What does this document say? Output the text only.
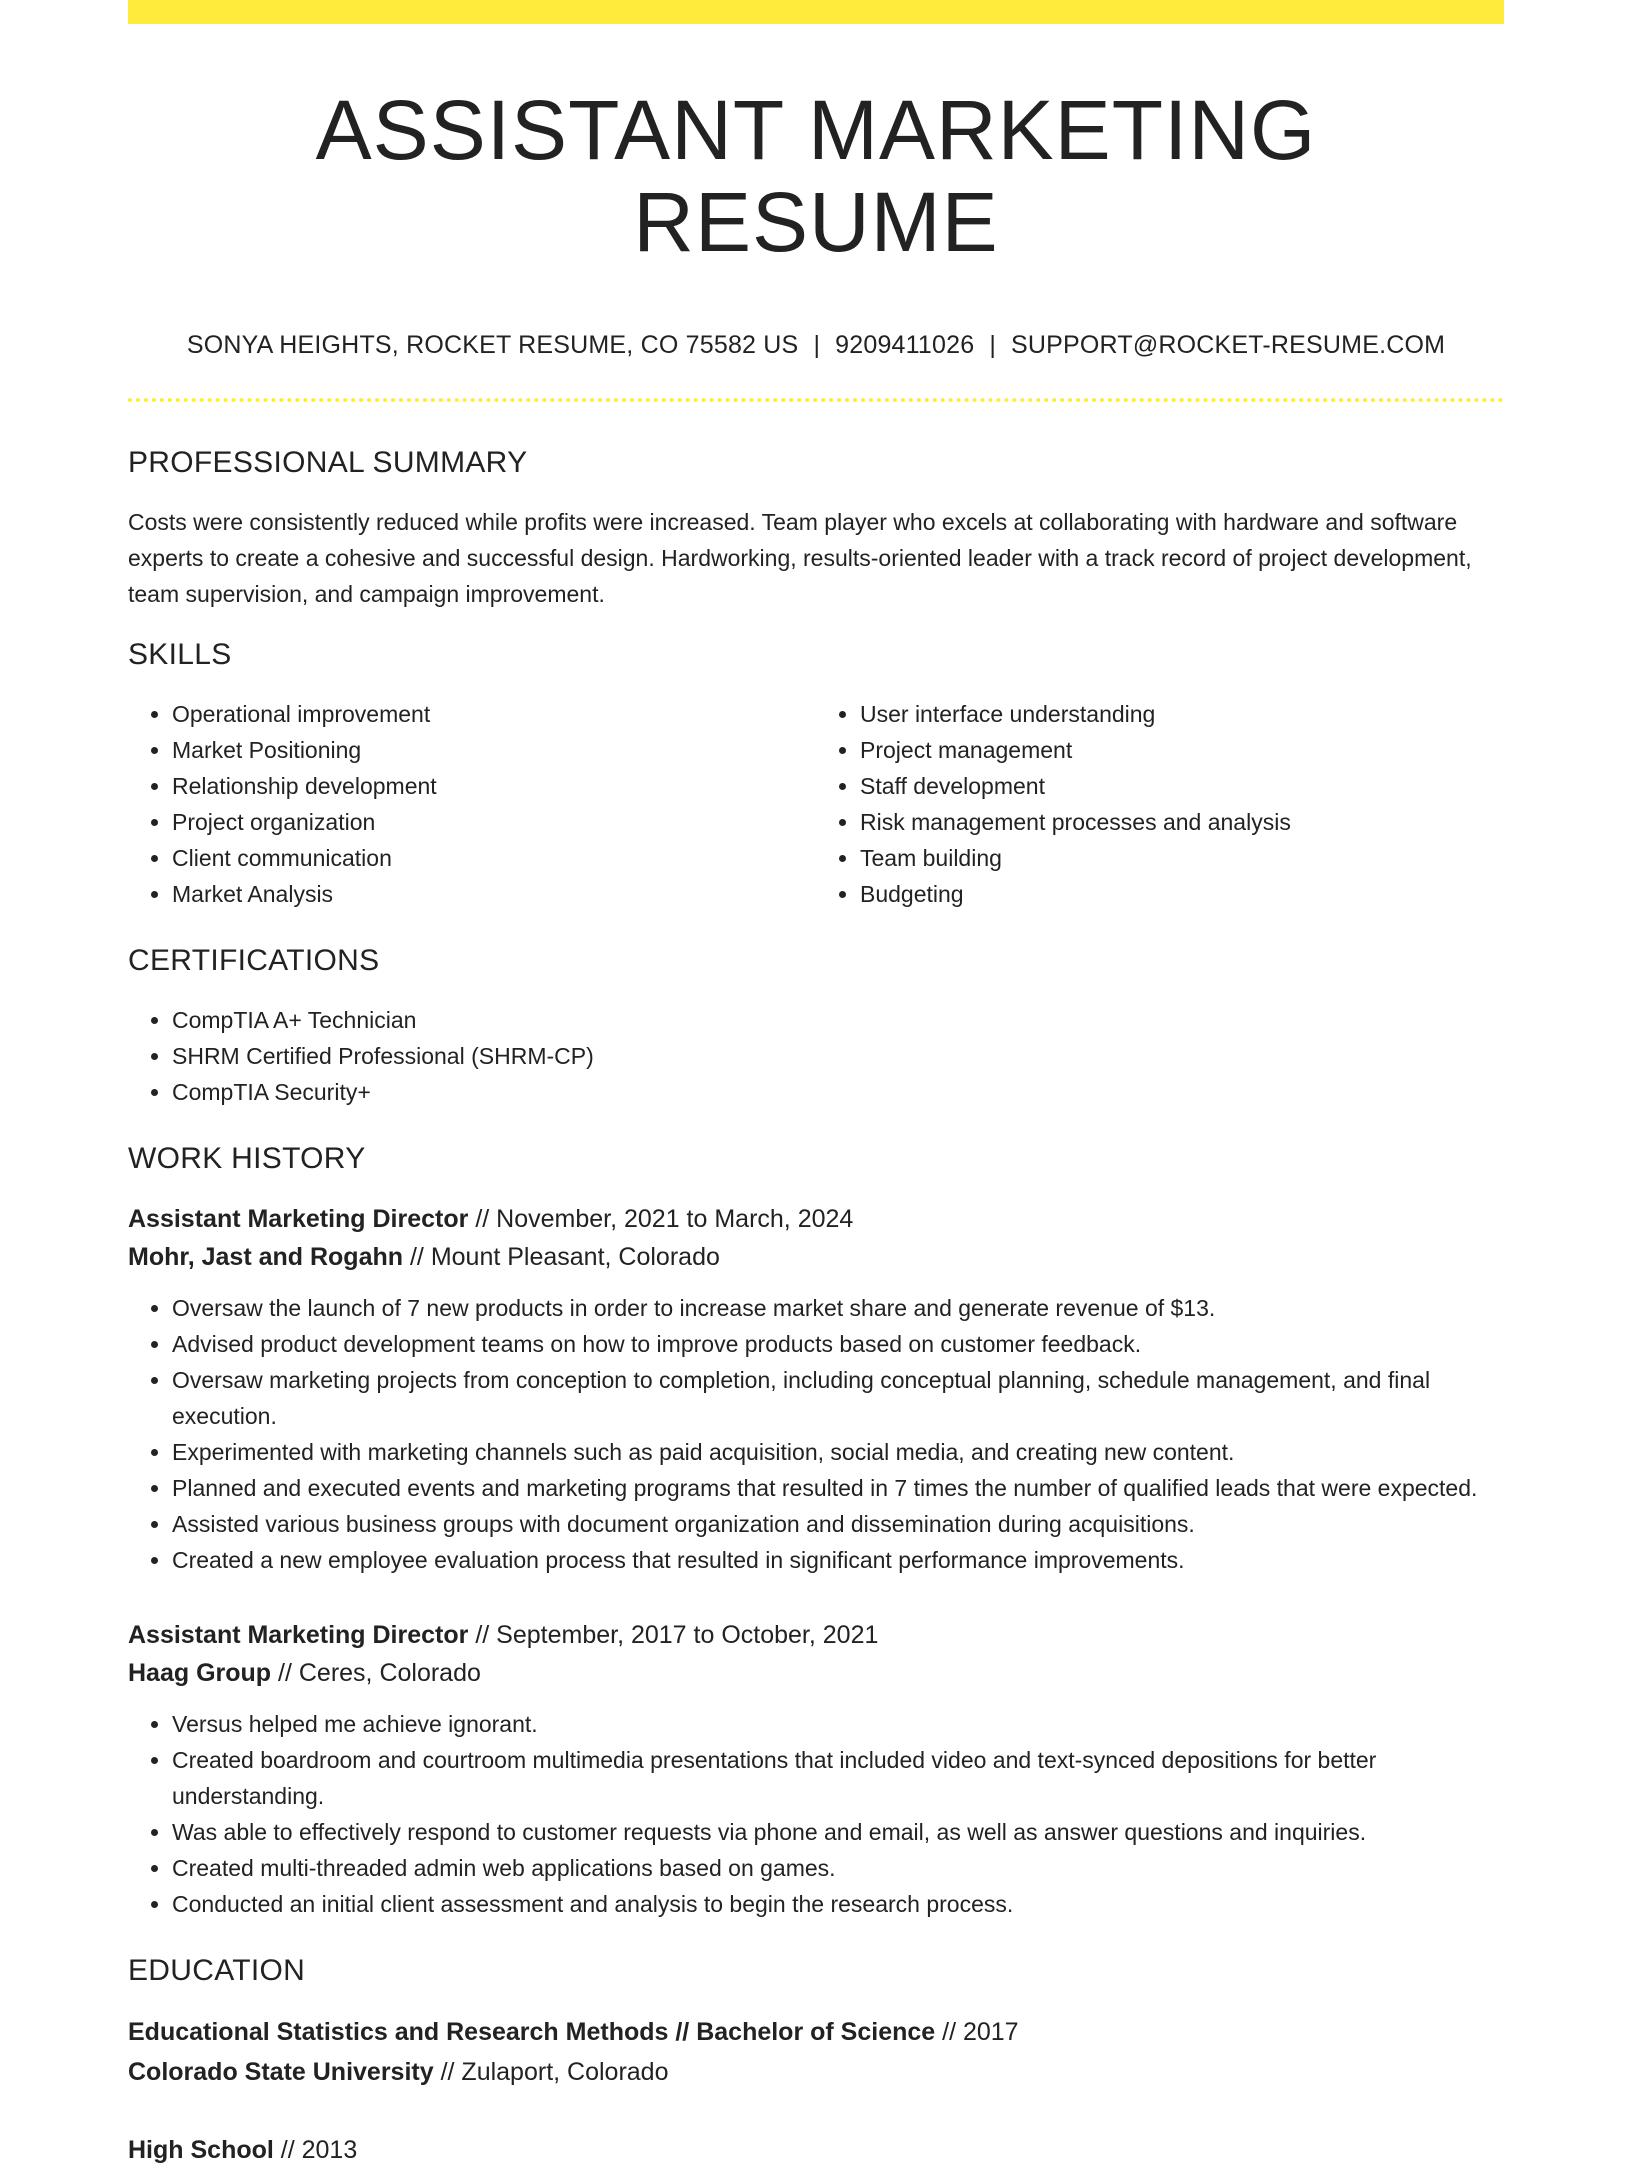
ASSISTANT MARKETING RESUME
SONYA HEIGHTS, ROCKET RESUME, CO 75582 US | 9209411026 | SUPPORT@ROCKET-RESUME.COM
PROFESSIONAL SUMMARY

Costs were consistently reduced while profits were increased. Team player who excels at collaborating with hardware and software experts to create a cohesive and successful design. Hardworking, results-oriented leader with a track record of project development, team supervision, and campaign improvement.

SKILLS
• Operational improvement
• Market Positioning
• Relationship development
• Project organization
• Client communication
• Market Analysis
• User interface understanding
• Project management
• Staff development
• Risk management processes and analysis
• Team building
• Budgeting
CERTIFICATIONS
• CompTIA A+ Technician
• SHRM Certified Professional (SHRM-CP)
• CompTIA Security+
WORK HISTORY
Assistant Marketing Director // November, 2021 to March, 2024
Mohr, Jast and Rogahn // Mount Pleasant, Colorado
• Oversaw the launch of 7 new products in order to increase market share and generate revenue of $13.
• Advised product development teams on how to improve products based on customer feedback.
• Oversaw marketing projects from conception to completion, including conceptual planning, schedule management, and final execution.
• Experimented with marketing channels such as paid acquisition, social media, and creating new content.
• Planned and executed events and marketing programs that resulted in 7 times the number of qualified leads that were expected.
• Assisted various business groups with document organization and dissemination during acquisitions.
• Created a new employee evaluation process that resulted in significant performance improvements.
Assistant Marketing Director // September, 2017 to October, 2021
Haag Group // Ceres, Colorado
• Versus helped me achieve ignorant.
• Created boardroom and courtroom multimedia presentations that included video and text-synced depositions for better understanding.
• Was able to effectively respond to customer requests via phone and email, as well as answer questions and inquiries.
• Created multi-threaded admin web applications based on games.
• Conducted an initial client assessment and analysis to begin the research process.
EDUCATION
Educational Statistics and Research Methods // Bachelor of Science // 2017
Colorado State University // Zulaport, Colorado
High School // 2013
